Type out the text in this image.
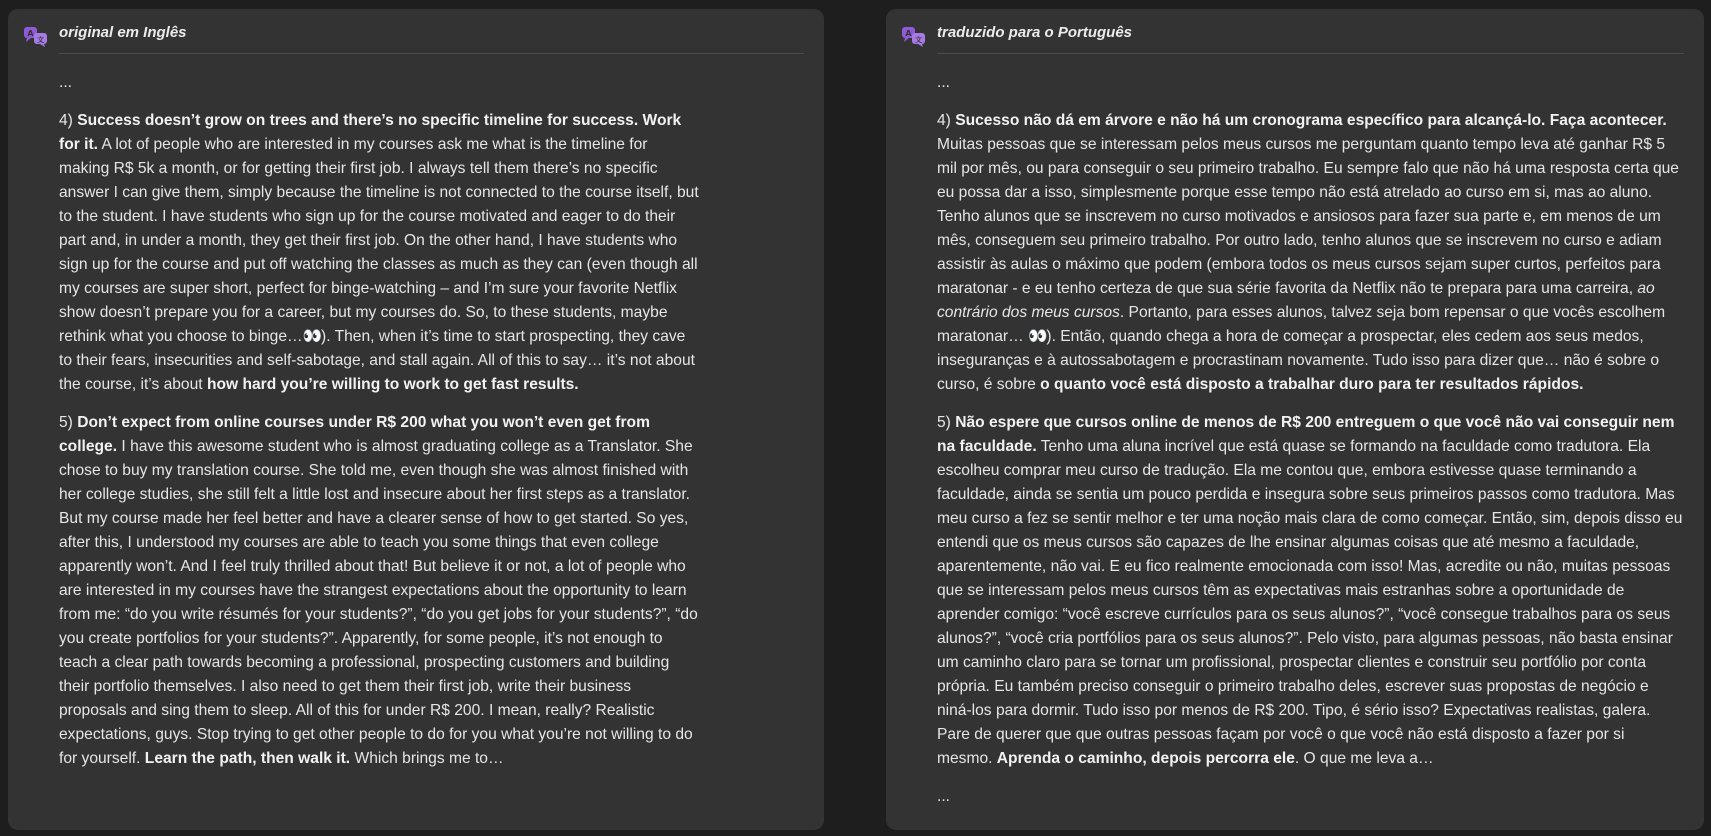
A
文 original em Inglês

...

4) Success doesn’t grow on trees and there’s no specific timeline for success. Work for it. A lot of people who are interested in my courses ask me what is the timeline for making R$ 5k a month, or for getting their first job. I always tell them there’s no specific answer I can give them, simply because the timeline is not connected to the course itself, but to the student. I have students who sign up for the course motivated and eager to do their part and, in under a month, they get their first job. On the other hand, I have students who sign up for the course and put off watching the classes as much as they can (even though all my courses are super short, perfect for binge-watching – and I’m sure your favorite Netflix show doesn’t prepare you for a career, but my courses do. So, to these students, maybe rethink what you choose to binge…👀). Then, when it’s time to start prospecting, they cave to their fears, insecurities and self-sabotage, and stall again. All of this to say… it’s not about the course, it’s about how hard you’re willing to work to get fast results.

5) Don’t expect from online courses under R$ 200 what you won’t even get from college. I have this awesome student who is almost graduating college as a Translator. She chose to buy my translation course. She told me, even though she was almost finished with her college studies, she still felt a little lost and insecure about her first steps as a translator. But my course made her feel better and have a clearer sense of how to get started. So yes, after this, I understood my courses are able to teach you some things that even college apparently won’t. And I feel truly thrilled about that! But believe it or not, a lot of people who are interested in my courses have the strangest expectations about the opportunity to learn from me: “do you write résumés for your students?”, “do you get jobs for your students?”, “do you create portfolios for your students?”. Apparently, for some people, it’s not enough to teach a clear path towards becoming a professional, prospecting customers and building their portfolio themselves. I also need to get them their first job, write their business proposals and sing them to sleep. All of this for under R$ 200. I mean, really? Realistic expectations, guys. Stop trying to get other people to do for you what you’re not willing to do for yourself. Learn the path, then walk it. Which brings me to…

A
文 traduzido para o Português

...

4) Sucesso não dá em árvore e não há um cronograma específico para alcançá-lo. Faça acontecer. Muitas pessoas que se interessam pelos meus cursos me perguntam quanto tempo leva até ganhar R$ 5 mil por mês, ou para conseguir o seu primeiro trabalho. Eu sempre falo que não há uma resposta certa que eu possa dar a isso, simplesmente porque esse tempo não está atrelado ao curso em si, mas ao aluno. Tenho alunos que se inscrevem no curso motivados e ansiosos para fazer sua parte e, em menos de um mês, conseguem seu primeiro trabalho. Por outro lado, tenho alunos que se inscrevem no curso e adiam assistir às aulas o máximo que podem (embora todos os meus cursos sejam super curtos, perfeitos para maratonar - e eu tenho certeza de que sua série favorita da Netflix não te prepara para uma carreira, ao contrário dos meus cursos. Portanto, para esses alunos, talvez seja bom repensar o que vocês escolhem maratonar… 👀). Então, quando chega a hora de começar a prospectar, eles cedem aos seus medos, inseguranças e à autossabotagem e procrastinam novamente. Tudo isso para dizer que… não é sobre o curso, é sobre o quanto você está disposto a trabalhar duro para ter resultados rápidos.

5) Não espere que cursos online de menos de R$ 200 entreguem o que você não vai conseguir nem na faculdade. Tenho uma aluna incrível que está quase se formando na faculdade como tradutora. Ela escolheu comprar meu curso de tradução. Ela me contou que, embora estivesse quase terminando a faculdade, ainda se sentia um pouco perdida e insegura sobre seus primeiros passos como tradutora. Mas meu curso a fez se sentir melhor e ter uma noção mais clara de como começar. Então, sim, depois disso eu entendi que os meus cursos são capazes de lhe ensinar algumas coisas que até mesmo a faculdade, aparentemente, não vai. E eu fico realmente emocionada com isso! Mas, acredite ou não, muitas pessoas que se interessam pelos meus cursos têm as expectativas mais estranhas sobre a oportunidade de aprender comigo: “você escreve currículos para os seus alunos?”, “você consegue trabalhos para os seus alunos?”, “você cria portfólios para os seus alunos?”. Pelo visto, para algumas pessoas, não basta ensinar um caminho claro para se tornar um profissional, prospectar clientes e construir seu portfólio por conta própria. Eu também preciso conseguir o primeiro trabalho deles, escrever suas propostas de negócio e niná-los para dormir. Tudo isso por menos de R$ 200. Tipo, é sério isso? Expectativas realistas, galera. Pare de querer que que outras pessoas façam por você o que você não está disposto a fazer por si mesmo. Aprenda o caminho, depois percorra ele. O que me leva a…

...
